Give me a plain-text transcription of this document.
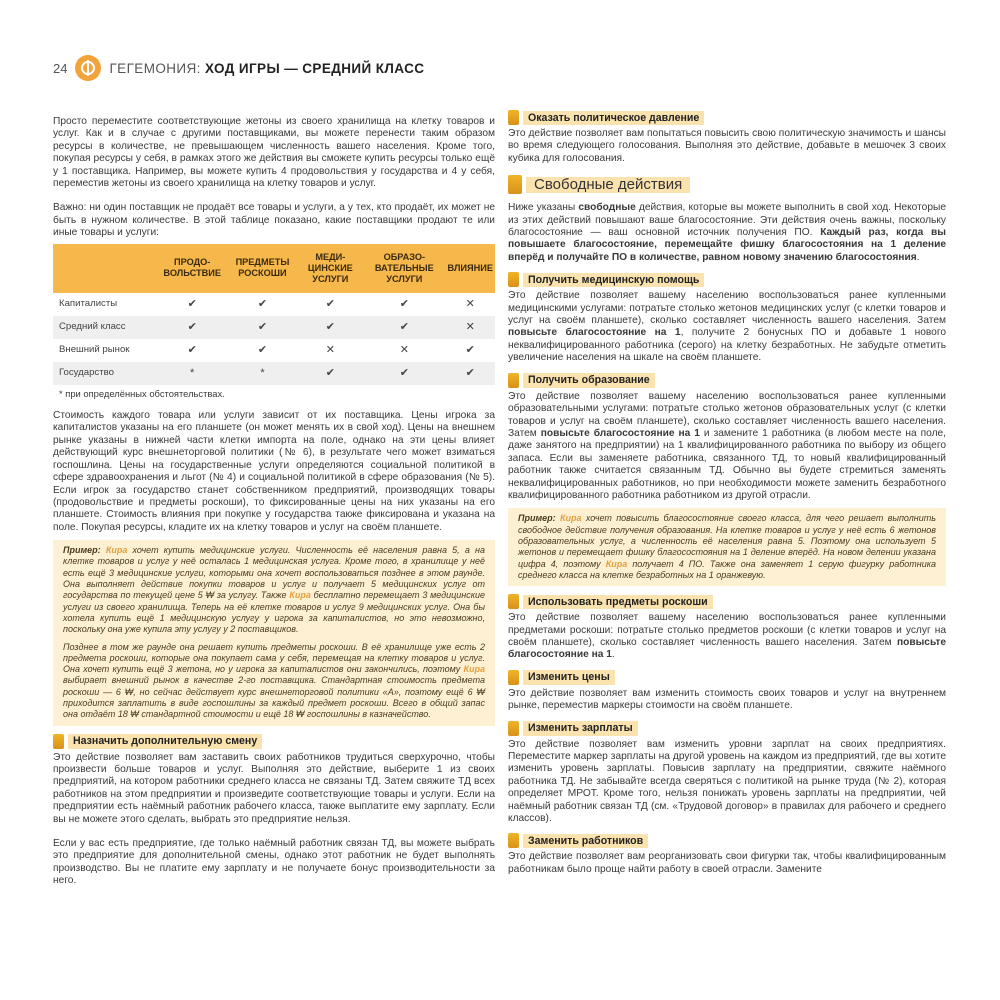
24	ГЕГЕМОНИЯ: ХОД ИГРЫ — СРЕДНИЙ КЛАСС

Просто переместите соответствующие жетоны из своего хранилища на клетку товаров и услуг. Как и в случае с другими поставщиками, вы можете перенести таким образом ресурсы в количестве, не превышающем численность вашего населения. Кроме того, покупая ресурсы у себя, в рамках этого же действия вы сможете купить ресурсы только ещё у 1 поставщика. Например, вы можете купить 4 продовольствия у государства и 4 у себя, переместив жетоны из своего хранилища на клетку товаров и услуг.

Важно: ни один поставщик не продаёт все товары и услуги, а у тех, кто продаёт, их может не быть в нужном количестве. В этой таблице показано, какие поставщики продают те или иные товары и услуги:

	ПРОДО-ВОЛЬСТВИЕ	ПРЕДМЕТЫ РОСКОШИ	МЕДИ-ЦИНСКИЕ УСЛУГИ	ОБРАЗО-ВАТЕЛЬНЫЕ УСЛУГИ	ВЛИЯНИЕ
Капиталисты	✔	✔	✔	✔	✕
Средний класс	✔	✔	✔	✔	✕
Внешний рынок	✔	✔	✕	✕	✔
Государство	*	*	✔	✔	✔
* при определённых обстоятельствах.

Стоимость каждого товара или услуги зависит от их поставщика. Цены игрока за капиталистов указаны на его планшете (он может менять их в свой ход). Цены на внешнем рынке указаны в нижней части клетки импорта на поле, однако на эти цены влияет действующий курс внешнеторговой политики (№ 6), в результате чего может взиматься госпошлина. Цены на государственные услуги определяются социальной политикой в сфере здравоохранения и льгот (№ 4) и социальной политикой в сфере образования (№ 5). Если игрок за государство станет собственником предприятий, производящих товары (продовольствие и предметы роскоши), то фиксированные цены на них указаны на его планшете. Стоимость влияния при покупке у государства также фиксирована и указана на поле. Покупая ресурсы, кладите их на клетку товаров и услуг на своём планшете.

Пример: Кира хочет купить медицинские услуги. Численность её населения равна 5, а на клетке товаров и услуг у неё осталась 1 медицинская услуга. Кроме того, в хранилище у неё есть ещё 3 медицинские услуги, которыми она хочет воспользоваться позднее в этом раунде. Она выполняет действие покупки товаров и услуг и получает 5 медицинских услуг от государства по текущей цене 5 ₩ за услугу. Также Кира бесплатно перемещает 3 медицинские услуги из своего хранилища. Теперь на её клетке товаров и услуг 9 медицинских услуг. Она бы хотела купить ещё 1 медицинскую услугу у игрока за капиталистов, но это невозможно, поскольку она уже купила эту услугу у 2 поставщиков.

Позднее в том же раунде она решает купить предметы роскоши. В её хранилище уже есть 2 предмета роскоши, которые она покупает сама у себя, перемещая на клетку товаров и услуг. Она хочет купить ещё 3 жетона, но у игрока за капиталистов они закончились, поэтому Кира выбирает внешний рынок в качестве 2-го поставщика. Стандартная стоимость предмета роскоши — 6 ₩, но сейчас действует курс внешнеторговой политики «A», поэтому ещё 6 ₩ приходится заплатить в виде госпошлины за каждый предмет роскоши. Всего в общий запас она отдаёт 18 ₩ стандартной стоимости и ещё 18 ₩ госпошлины в казначейство.

Назначить дополнительную смену

Это действие позволяет вам заставить своих работников трудиться сверхурочно, чтобы произвести больше товаров и услуг. Выполняя это действие, выберите 1 из своих предприятий, на котором работники среднего класса не связаны ТД. Затем свяжите ТД всех работников на этом предприятии и произведите соответствующие товары и услуги. Если на предприятии есть наёмный работник рабочего класса, также выплатите ему зарплату. Если вы не можете этого сделать, выбрать это предприятие нельзя.

Если у вас есть предприятие, где только наёмный работник связан ТД, вы можете выбрать это предприятие для дополнительной смены, однако этот работник не будет выполнять производство. Вы не платите ему зарплату и не получаете бонус производительности за него.

Оказать политическое давление

Это действие позволяет вам попытаться повысить свою политическую значимость и шансы во время следующего голосования. Выполняя это действие, добавьте в мешочек 3 своих кубика для голосования.

Свободные действия

Ниже указаны свободные действия, которые вы можете выполнить в свой ход. Некоторые из этих действий повышают ваше благосостояние. Эти действия очень важны, поскольку благосостояние — ваш основной источник получения ПО. Каждый раз, когда вы повышаете благосостояние, перемещайте фишку благосостояния на 1 деление вперёд и получайте ПО в количестве, равном новому значению благосостояния.

Получить медицинскую помощь

Это действие позволяет вашему населению воспользоваться ранее купленными медицинскими услугами: потратьте столько жетонов медицинских услуг (с клетки товаров и услуг на своём планшете), сколько составляет численность вашего населения. Затем повысьте благосостояние на 1, получите 2 бонусных ПО и добавьте 1 нового неквалифицированного работника (серого) на клетку безработных. Не забудьте отметить увеличение населения на шкале на своём планшете.

Получить образование

Это действие позволяет вашему населению воспользоваться ранее купленными образовательными услугами: потратьте столько жетонов образовательных услуг (с клетки товаров и услуг на своём планшете), сколько составляет численность вашего населения. Затем повысьте благосостояние на 1 и замените 1 работника (в любом месте на поле, даже занятого на предприятии) на 1 квалифицированного работника по выбору из общего запаса. Если вы заменяете работника, связанного ТД, то новый квалифицированный работник также считается связанным ТД. Обычно вы будете стремиться заменять неквалифицированных работников, но при необходимости можете заменить безработного квалифицированного работника работником из другой отрасли.

Пример: Кира хочет повысить благосостояние своего класса, для чего решает выполнить свободное действие получения образования. На клетке товаров и услуг у неё есть 6 жетонов образовательных услуг, а численность её населения равна 5. Поэтому она использует 5 жетонов и перемещает фишку благосостояния на 1 деление вперёд. На новом делении указана цифра 4, поэтому Кира получает 4 ПО. Также она заменяет 1 серую фигурку работника среднего класса на клетке безработных на 1 оранжевую.

Использовать предметы роскоши

Это действие позволяет вашему населению воспользоваться ранее купленными предметами роскоши: потратьте столько предметов роскоши (с клетки товаров и услуг на своём планшете), сколько составляет численность вашего населения. Затем повысьте благосостояние на 1.

Изменить цены

Это действие позволяет вам изменить стоимость своих товаров и услуг на внутреннем рынке, переместив маркеры стоимости на своём планшете.

Изменить зарплаты

Это действие позволяет вам изменить уровни зарплат на своих предприятиях. Переместите маркер зарплаты на другой уровень на каждом из предприятий, где вы хотите изменить уровень зарплаты. Повысив зарплату на предприятии, свяжите наёмного работника ТД. Не забывайте всегда сверяться с политикой на рынке труда (№ 2), которая определяет МРОТ. Кроме того, нельзя понижать уровень зарплаты на предприятии, чей наёмный работник связан ТД (см. «Трудовой договор» в правилах для рабочего и среднего классов).

Заменить работников

Это действие позволяет вам реорганизовать свои фигурки так, чтобы квалифицированным работникам было проще найти работу в своей отрасли. Замените
